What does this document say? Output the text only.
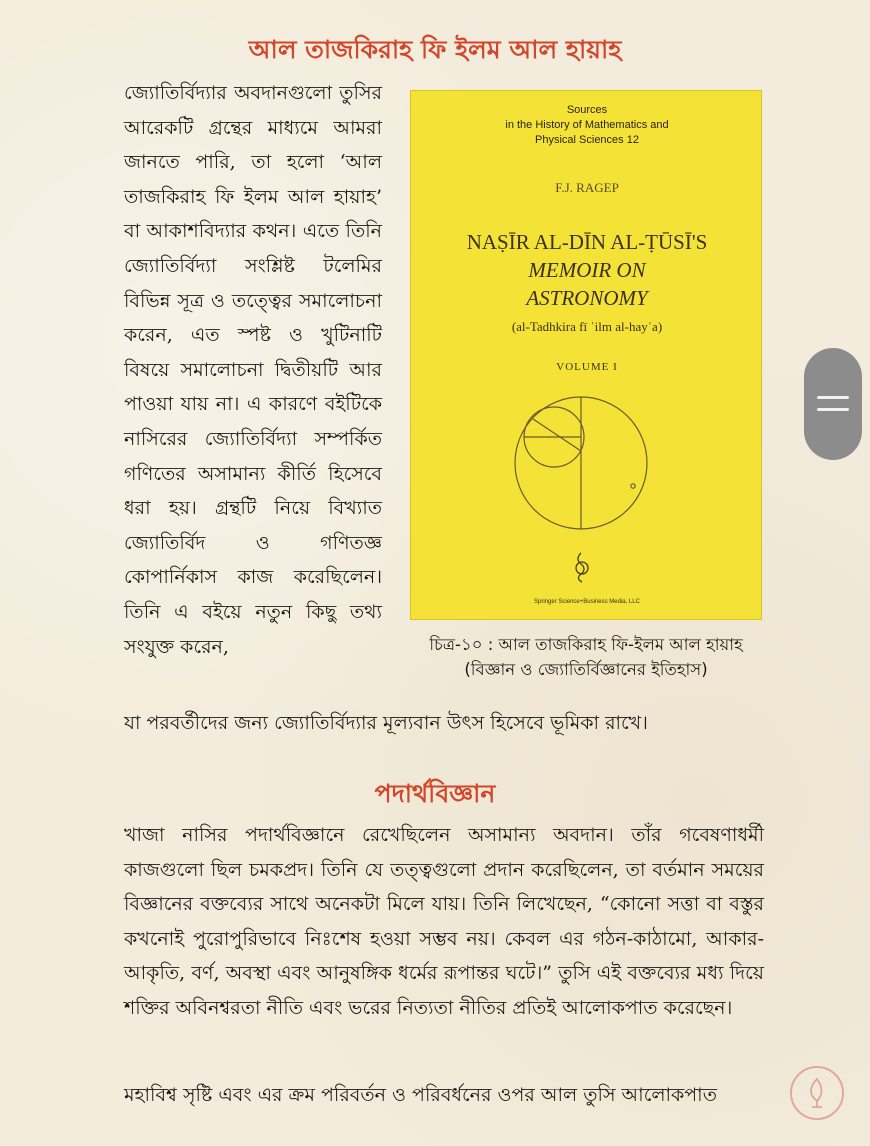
আল তাজকিরাহ ফি ইলম আল হায়াহ
জ্যোতির্বিদ্যার অবদানগুলো তুসির আরেকটি গ্রন্থের মাধ্যমে আমরা জানতে পারি, তা হলো ‘আল তাজকিরাহ ফি ইলম আল হায়াহ’ বা আকাশবিদ্যার কথন। এতে তিনি জ্যোতির্বিদ্যা সংশ্লিষ্ট টলেমির বিভিন্ন সূত্র ও তত্ত্বের সমালোচনা করেন, এত স্পষ্ট ও খুটিনাটি বিষয়ে সমালোচনা দ্বিতীয়টি আর পাওয়া যায় না। এ কারণে বইটিকে নাসিরের জ্যোতির্বিদ্যা সম্পর্কিত গণিতের অসামান্য কীর্তি হিসেবে ধরা হয়। গ্রন্থটি নিয়ে বিখ্যাত জ্যোতির্বিদ ও গণিতজ্ঞ কোপার্নিকাস কাজ করেছিলেন। তিনি এ বইয়ে নতুন কিছু তথ্য সংযুক্ত করেন,
Sources
in the History of Mathematics and
Physical Sciences 12
F.J. RAGEP
NAṢĪR AL-DĪN AL-ṬŪSĪ'S
MEMOIR ON
ASTRONOMY
(al-Tadhkira fī ʿilm al-hayʾa)
VOLUME I
Springer Science+Business Media, LLC
চিত্র-১০ : আল তাজকিরাহ ফি-ইলম আল হায়াহ
(বিজ্ঞান ও জ্যোতির্বিজ্ঞানের ইতিহাস)
যা পরবর্তীদের জন্য জ্যোতির্বিদ্যার মূল্যবান উৎস হিসেবে ভূমিকা রাখে।
পদার্থবিজ্ঞান
খাজা নাসির পদার্থবিজ্ঞানে রেখেছিলেন অসামান্য অবদান। তাঁর গবেষণাধর্মী কাজগুলো ছিল চমকপ্রদ। তিনি যে তত্ত্বগুলো প্রদান করেছিলেন, তা বর্তমান সময়ের বিজ্ঞানের বক্তব্যের সাথে অনেকটা মিলে যায়। তিনি লিখেছেন, “কোনো সত্তা বা বস্তুর কখনোই পুরোপুরিভাবে নিঃশেষ হওয়া সম্ভব নয়। কেবল এর গঠন-কাঠামো, আকার-আকৃতি, বর্ণ, অবস্থা এবং আনুষঙ্গিক ধর্মের রূপান্তর ঘটে।” তুসি এই বক্তব্যের মধ্য দিয়ে শক্তির অবিনশ্বরতা নীতি এবং ভরের নিত্যতা নীতির প্রতিই আলোকপাত করেছেন।
মহাবিশ্ব সৃষ্টি এবং এর ক্রম পরিবর্তন ও পরিবর্ধনের ওপর আল তুসি আলোকপাত
